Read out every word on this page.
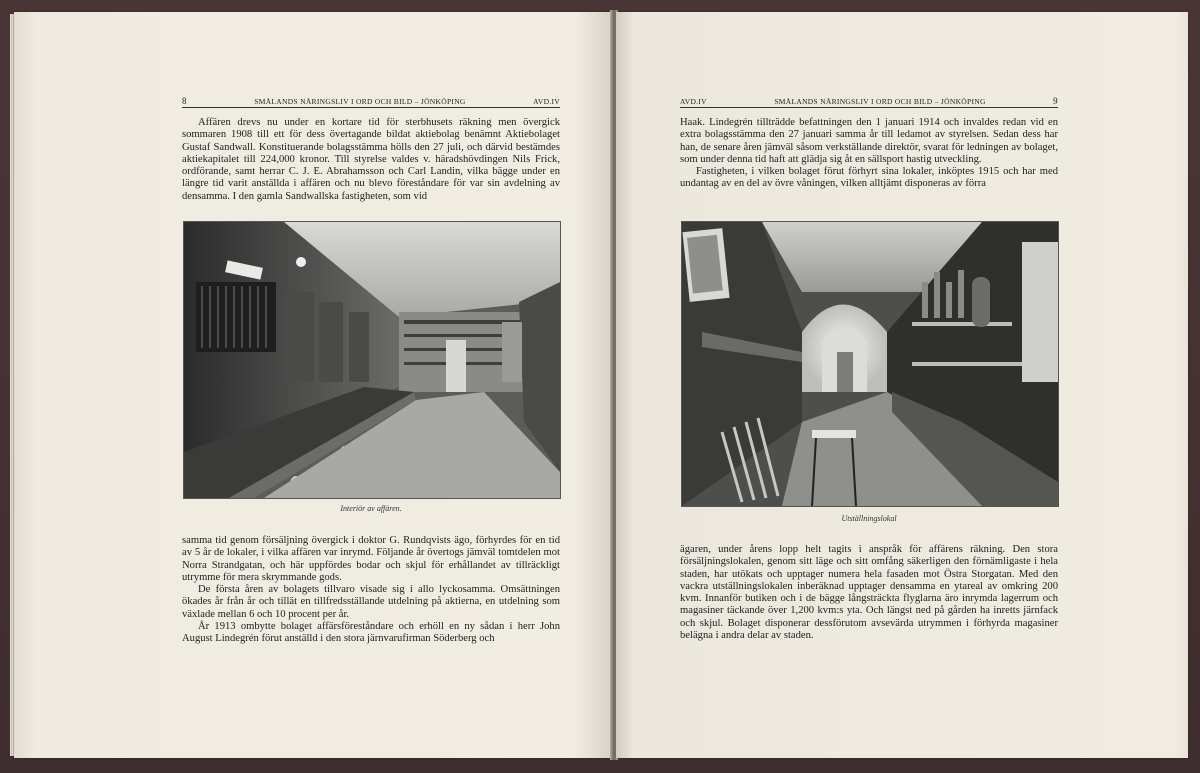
8	SMÅLANDS NÄRINGSLIV I ORD OCH BILD – JÖNKÖPING	AVD.IV

Affären drevs nu under en kortare tid för sterbhusets räkning men övergick sommaren 1908 till ett för dess övertagande bildat aktiebolag benämnt Aktiebolaget Gustaf Sandwall. Konstituerande bolagsstämma hölls den 27 juli, och därvid bestämdes aktiekapitalet till 224,000 kronor. Till styrelse valdes v. häradshövdingen Nils Frick, ordförande, samt herrar C. J. E. Abrahamsson och Carl Landin, vilka bägge under en längre tid varit anställda i affären och nu blevo föreståndare för var sin avdelning av densamma. I den gamla Sandwallska fastigheten, som vid

Interiör av affären.

samma tid genom försäljning övergick i doktor G. Rundqvists ägo, förhyrdes för en tid av 5 år de lokaler, i vilka affären var inrymd. Följande år övertogs jämväl tomtdelen mot Norra Strandgatan, och här uppfördes bodar och skjul för erhållandet av tillräckligt utrymme för mera skrymmande gods.

De första åren av bolagets tillvaro visade sig i allo lyckosamma. Omsättningen ökades år från år och tillät en tillfredsställande utdelning på aktierna, en utdelning som växlade mellan 6 och 10 procent per år.

År 1913 ombytte bolaget affärsföreståndare och erhöll en ny sådan i herr John August Lindegrén förut anställd i den stora järnvarufirman Söderberg och

AVD.IV	SMÅLANDS NÄRINGSLIV I ORD OCH BILD – JÖNKÖPING	9

Haak. Lindegrén tillträdde befattningen den 1 januari 1914 och invaldes redan vid en extra bolagsstämma den 27 januari samma år till ledamot av styrelsen. Sedan dess har han, de senare åren jämväl såsom verkställande direktör, svarat för ledningen av bolaget, som under denna tid haft att glädja sig åt en sällsport hastig utveckling.

Fastigheten, i vilken bolaget förut förhyrt sina lokaler, inköptes 1915 och har med undantag av en del av övre våningen, vilken alltjämt disponeras av förra

Utställningslokal

ägaren, under årens lopp helt tagits i anspråk för affärens räkning. Den stora försäljningslokalen, genom sitt läge och sitt omfång säkerligen den förnämligaste i hela staden, har utökats och upptager numera hela fasaden mot Östra Storgatan. Med den vackra utställningslokalen inberäknad upptager densamma en ytareal av omkring 200 kvm. Innanför butiken och i de bägge långsträckta flyglarna äro inrymda lagerrum och magasiner täckande över 1,200 kvm:s yta. Och längst ned på gården ha inretts järnfack och skjul. Bolaget disponerar dessförutom avsevärda utrymmen i förhyrda magasiner belägna i andra delar av staden.
